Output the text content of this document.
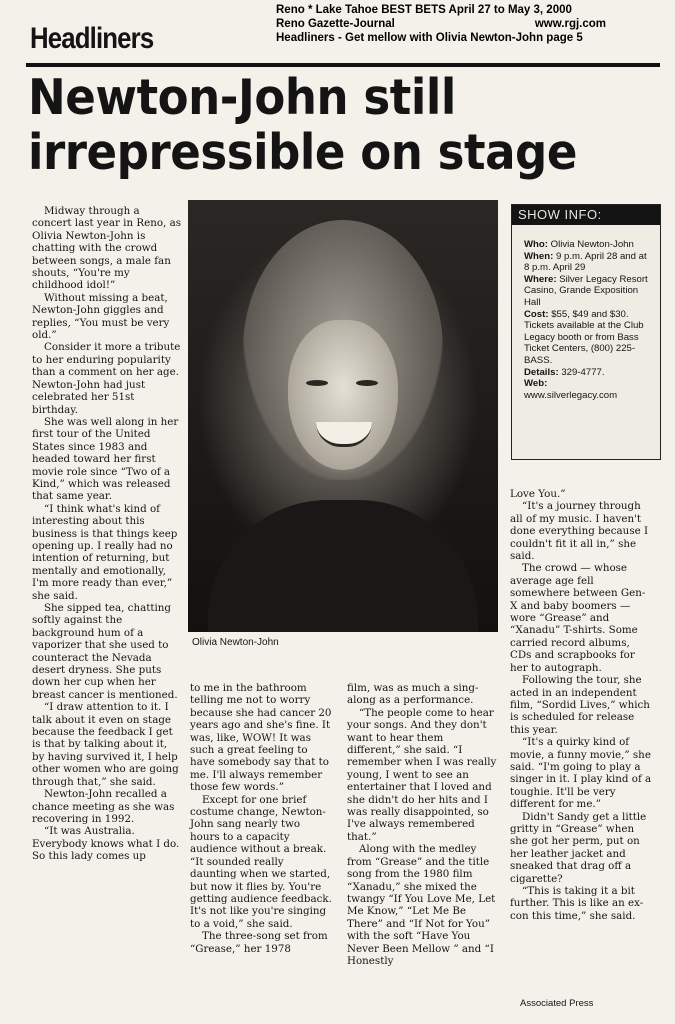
Reno * Lake Tahoe BEST BETS April 27 to May 3, 2000
Reno Gazette-Journal	www.rgj.com
Headliners - Get mellow with Olivia Newton-John page 5
Headliners
Newton-John still
irrepressible on stage

Midway through a concert last year in Reno, as Olivia Newton-John is chatting with the crowd between songs, a male fan shouts, “You're my childhood idol!”

Without missing a beat, Newton-John giggles and replies, “You must be very old.”

Consider it more a tribute to her enduring popularity than a comment on her age. Newton-John had just celebrated her 51st birthday.

She was well along in her first tour of the United States since 1983 and headed toward her first movie role since “Two of a Kind,” which was released that same year.

“I think what's kind of interesting about this business is that things keep opening up. I really had no intention of returning, but mentally and emotionally, I'm more ready than ever,” she said.

She sipped tea, chatting softly against the background hum of a vaporizer that she used to counteract the Nevada desert dryness. She puts down her cup when her breast cancer is mentioned.

“I draw attention to it. I talk about it even on stage because the feedback I get is that by talking about it, by having survived it, I help other women who are going through that,” she said.

Newton-John recalled a chance meeting as she was recovering in 1992.

“It was Australia. Everybody knows what I do. So this lady comes up

Olivia Newton-John
SHOW INFO:
Who: Olivia Newton-John
When: 9 p.m. April 28 and at 8 p.m. April 29
Where: Silver Legacy Resort Casino, Grande Exposition Hall
Cost: $55, $49 and $30. Tickets available at the Club Legacy booth or from Bass Ticket Centers, (800) 225-BASS.
Details: 329-4777.
Web:
www.silverlegacy.com

to me in the bathroom telling me not to worry because she had cancer 20 years ago and she's fine. It was, like, WOW! It was such a great feeling to have somebody say that to me. I'll always remember those few words.”

Except for one brief costume change, Newton-John sang nearly two hours to a capacity audience without a break. “It sounded really daunting when we started, but now it flies by. You're getting audience feedback. It's not like you're singing to a void,” she said.

The three-song set from “Grease,” her 1978

film, was as much a sing-along as a performance.

“The people come to hear your songs. And they don't want to hear them different,” she said. “I remember when I was really young, I went to see an entertainer that I loved and she didn't do her hits and I was really disappointed, so I've always remembered that.”

Along with the medley from “Grease” and the title song from the 1980 film “Xanadu,” she mixed the twangy “If You Love Me, Let Me Know,” “Let Me Be There” and “If Not for You” with the soft “Have You Never Been Mellow ” and “I Honestly

Love You.”

“It's a journey through all of my music. I haven't done everything because I couldn't fit it all in,” she said.

The crowd — whose average age fell somewhere between Gen-X and baby boomers — wore “Grease” and “Xanadu” T-shirts. Some carried record albums, CDs and scrapbooks for her to autograph.

Following the tour, she acted in an independent film, “Sordid Lives,” which is scheduled for release this year.

“It's a quirky kind of movie, a funny movie,” she said. “I'm going to play a singer in it. I play kind of a toughie. It'll be very different for me.”

Didn't Sandy get a little gritty in “Grease” when she got her perm, put on her leather jacket and sneaked that drag off a cigarette?

“This is taking it a bit further. This is like an ex-con this time,” she said.

Associated Press
